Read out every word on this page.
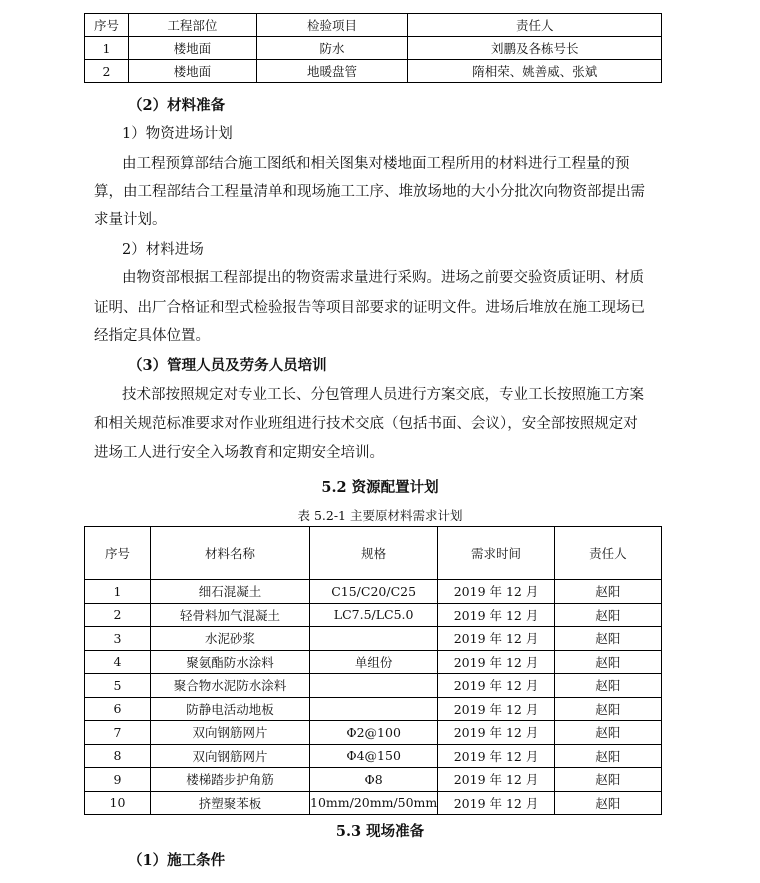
序号	工程部位	检验项目	责任人
1	楼地面	防水	刘鹏及各栋号长
2	楼地面	地暖盘管	隋相荣、姚善威、张斌
（2）材料准备
1）物资进场计划
由工程预算部结合施工图纸和相关图集对楼地面工程所用的材料进行工程量的预
算，由工程部结合工程量清单和现场施工工序、堆放场地的大小分批次向物资部提出需
求量计划。
2）材料进场
由物资部根据工程部提出的物资需求量进行采购。进场之前要交验资质证明、材质
证明、出厂合格证和型式检验报告等项目部要求的证明文件。进场后堆放在施工现场已
经指定具体位置。
（3）管理人员及劳务人员培训
技术部按照规定对专业工长、分包管理人员进行方案交底，专业工长按照施工方案
和相关规范标准要求对作业班组进行技术交底（包括书面、会议），安全部按照规定对
进场工人进行安全入场教育和定期安全培训。
5.2 资源配置计划
表 5.2-1 主要原材料需求计划
序号	材料名称	规格	需求时间	责任人
1	细石混凝土	C15/C20/C25	2019 年 12 月	赵阳
2	轻骨料加气混凝土	LC7.5/LC5.0	2019 年 12 月	赵阳
3	水泥砂浆		2019 年 12 月	赵阳
4	聚氨酯防水涂料	单组份	2019 年 12 月	赵阳
5	聚合物水泥防水涂料		2019 年 12 月	赵阳
6	防静电活动地板		2019 年 12 月	赵阳
7	双向钢筋网片	Φ2@100	2019 年 12 月	赵阳
8	双向钢筋网片	Φ4@150	2019 年 12 月	赵阳
9	楼梯踏步护角筋	Φ8	2019 年 12 月	赵阳
10	挤塑聚苯板	10mm/20mm/50mm	2019 年 12 月	赵阳
5.3 现场准备
（1）施工条件
